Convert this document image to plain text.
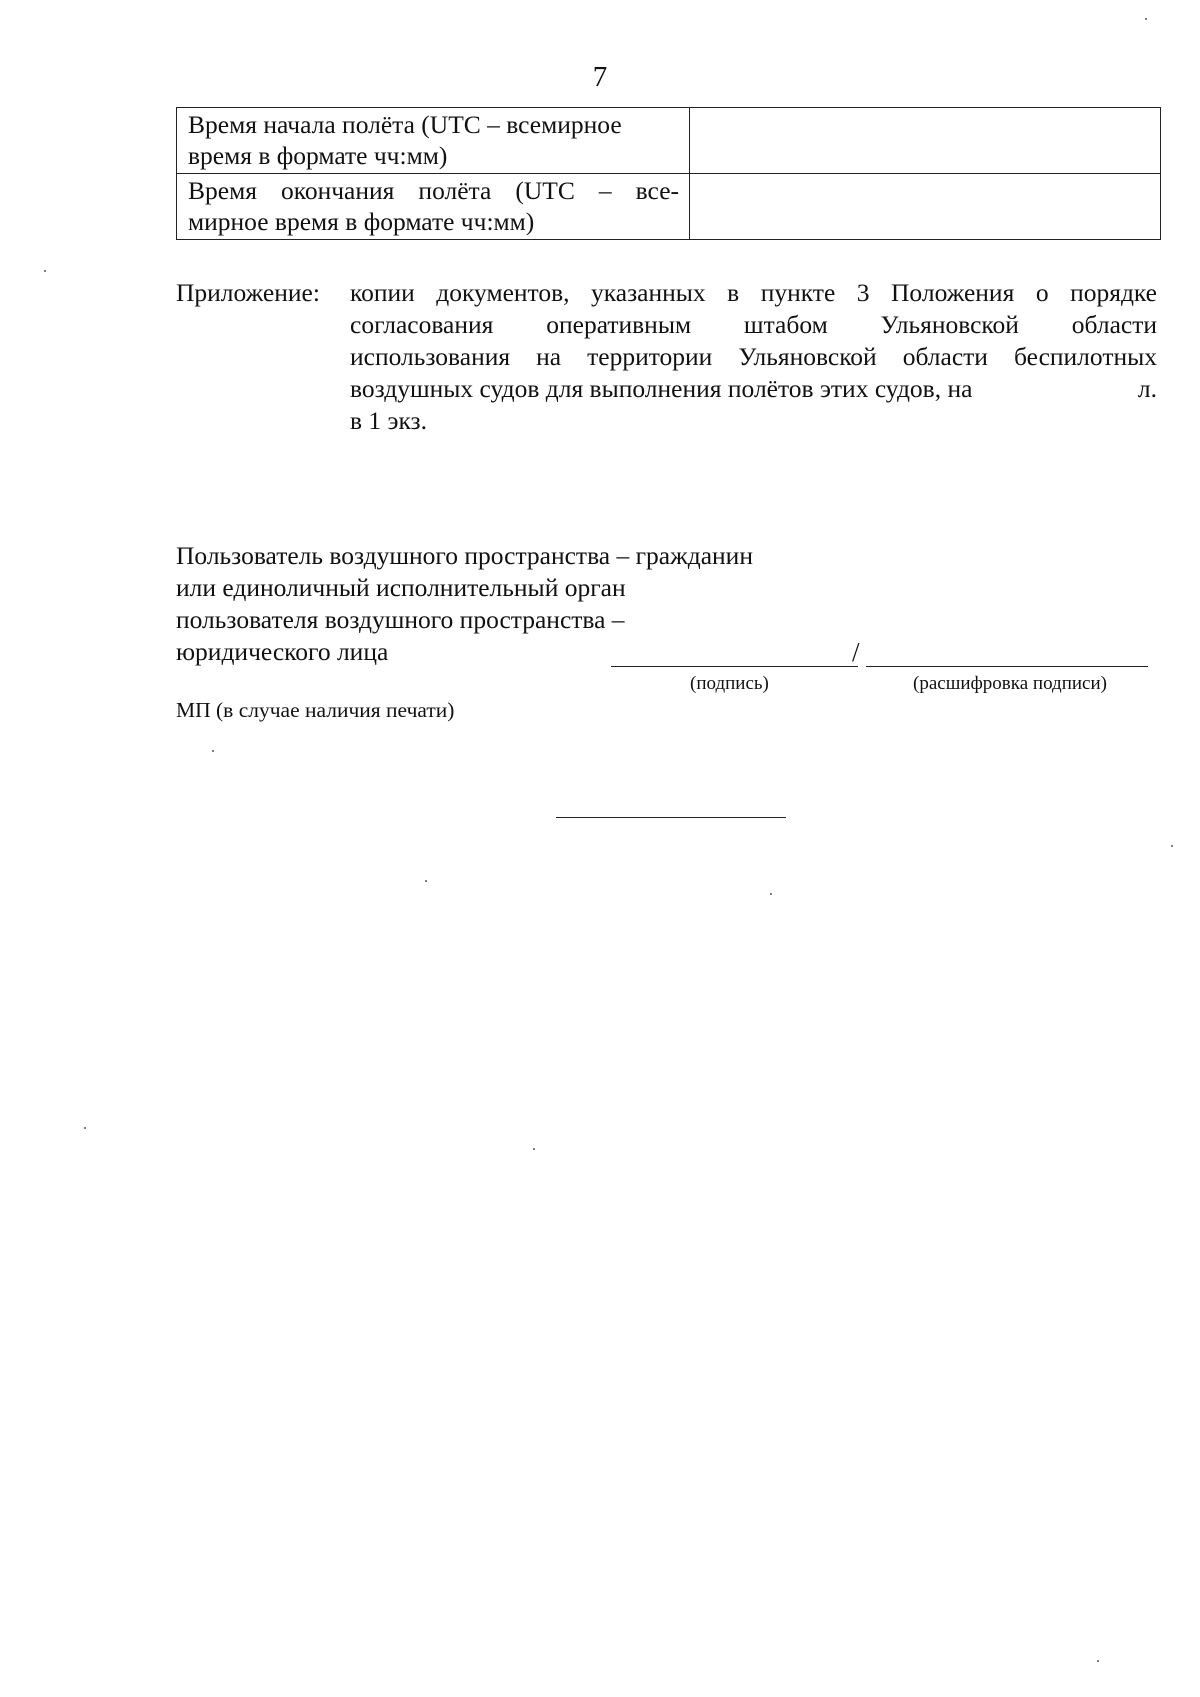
7
Время начала полёта (UTC – всемирное
время в формате чч:мм)	

Время окончания полёта (UTC – все-
мирное время в формате чч:мм)	

Приложение: копии документов, указанных в пункте 3 Положения о порядке
согласования оперативным штабом Ульяновской области
использования на территории Ульяновской области беспилотных
воздушных судов для выполнения полётов этих судов, на	л.
в 1 экз.
Пользователь воздушного пространства – гражданин
или единоличный исполнительный орган
пользователя воздушного пространства –
юридического лица	/
(подпись)	(расшифровка подписи)
МП (в случае наличия печати)
